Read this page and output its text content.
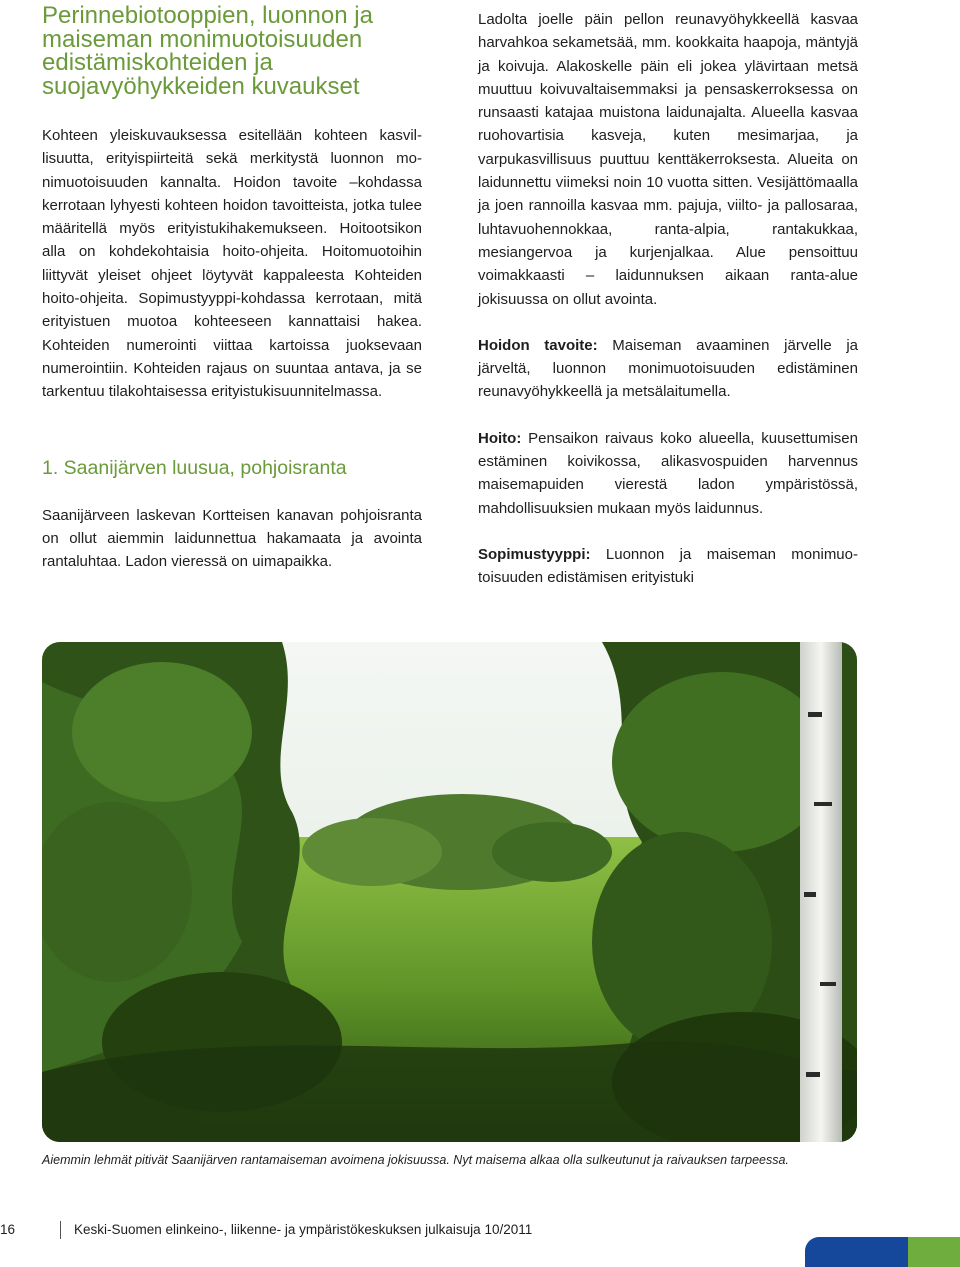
Perinnebiotooppien, luonnon ja maiseman monimuotoisuuden edistämiskohteiden ja suojavyöhykkeiden kuvaukset

Kohteen yleiskuvauksessa esitellään kohteen kasvillisuutta, erityispiirteitä sekä merkitystä luonnon monimuotoisuuden kannalta. Hoidon tavoite –kohdassa kerrotaan lyhyesti kohteen hoidon tavoitteista, jotka tulee määritellä myös erityistukihakemukseen. Hoitootsikon alla on kohdekohtaisia hoito-ohjeita. Hoitomuotoihin liittyvät yleiset ohjeet löytyvät kappaleesta Kohteiden hoito-ohjeita. Sopimustyyppi-kohdassa kerrotaan, mitä erityistuen muotoa kohteeseen kannattaisi hakea. Kohteiden numerointi viittaa kartoissa juoksevaan numerointiin. Kohteiden rajaus on suuntaa antava, ja se tarkentuu tilakohtaisessa erityistukisuunnitelmassa.

1. Saanijärven luusua, pohjoisranta

Saanijärveen laskevan Kortteisen kanavan pohjoisranta on ollut aiemmin laidunnettua hakamaata ja avointa rantaluhtaa. Ladon vieressä on uimapaikka.

Ladolta joelle päin pellon reunavyöhykkeellä kasvaa harvahkoa sekametsää, mm. kookkaita haapoja, mäntyjä ja koivuja. Alakoskelle päin eli jokea ylävirtaan metsä muuttuu koivuvaltaisemmaksi ja pensaskerroksessa on runsaasti katajaa muistona laidunajalta. Alueella kasvaa ruohovartisia kasveja, kuten mesimarjaa, ja varpukasvillisuus puuttuu kenttäkerroksesta. Alueita on laidunnettu viimeksi noin 10 vuotta sitten. Vesijättömaalla ja joen rannoilla kasvaa mm. pajuja, viilto- ja pallosaraa, luhtavuohennokkaa, ranta-alpia, rantakukkaa, mesiangervoa ja kurjenjalkaa. Alue pensoittuu voimakkaasti – laidunnuksen aikaan ranta-alue jokisuussa on ollut avointa.

Hoidon tavoite: Maiseman avaaminen järvelle ja järveltä, luonnon monimuotoisuuden edistäminen reunavyöhykkeellä ja metsälaitumella.

Hoito: Pensaikon raivaus koko alueella, kuusettumisen estäminen koivikossa, alikasvospuiden harvennus maisemapuiden vierestä ladon ympäristössä, mahdollisuuksien mukaan myös laidunnus.

Sopimustyyppi: Luonnon ja maiseman monimuotoisuuden edistämisen erityistuki

Aiemmin lehmät pitivät Saanijärven rantamaiseman avoimena jokisuussa. Nyt maisema alkaa olla sulkeutunut ja raivauksen tarpeessa.
16	Keski-Suomen elinkeino-, liikenne- ja ympäristökeskuksen julkaisuja 10/2011
